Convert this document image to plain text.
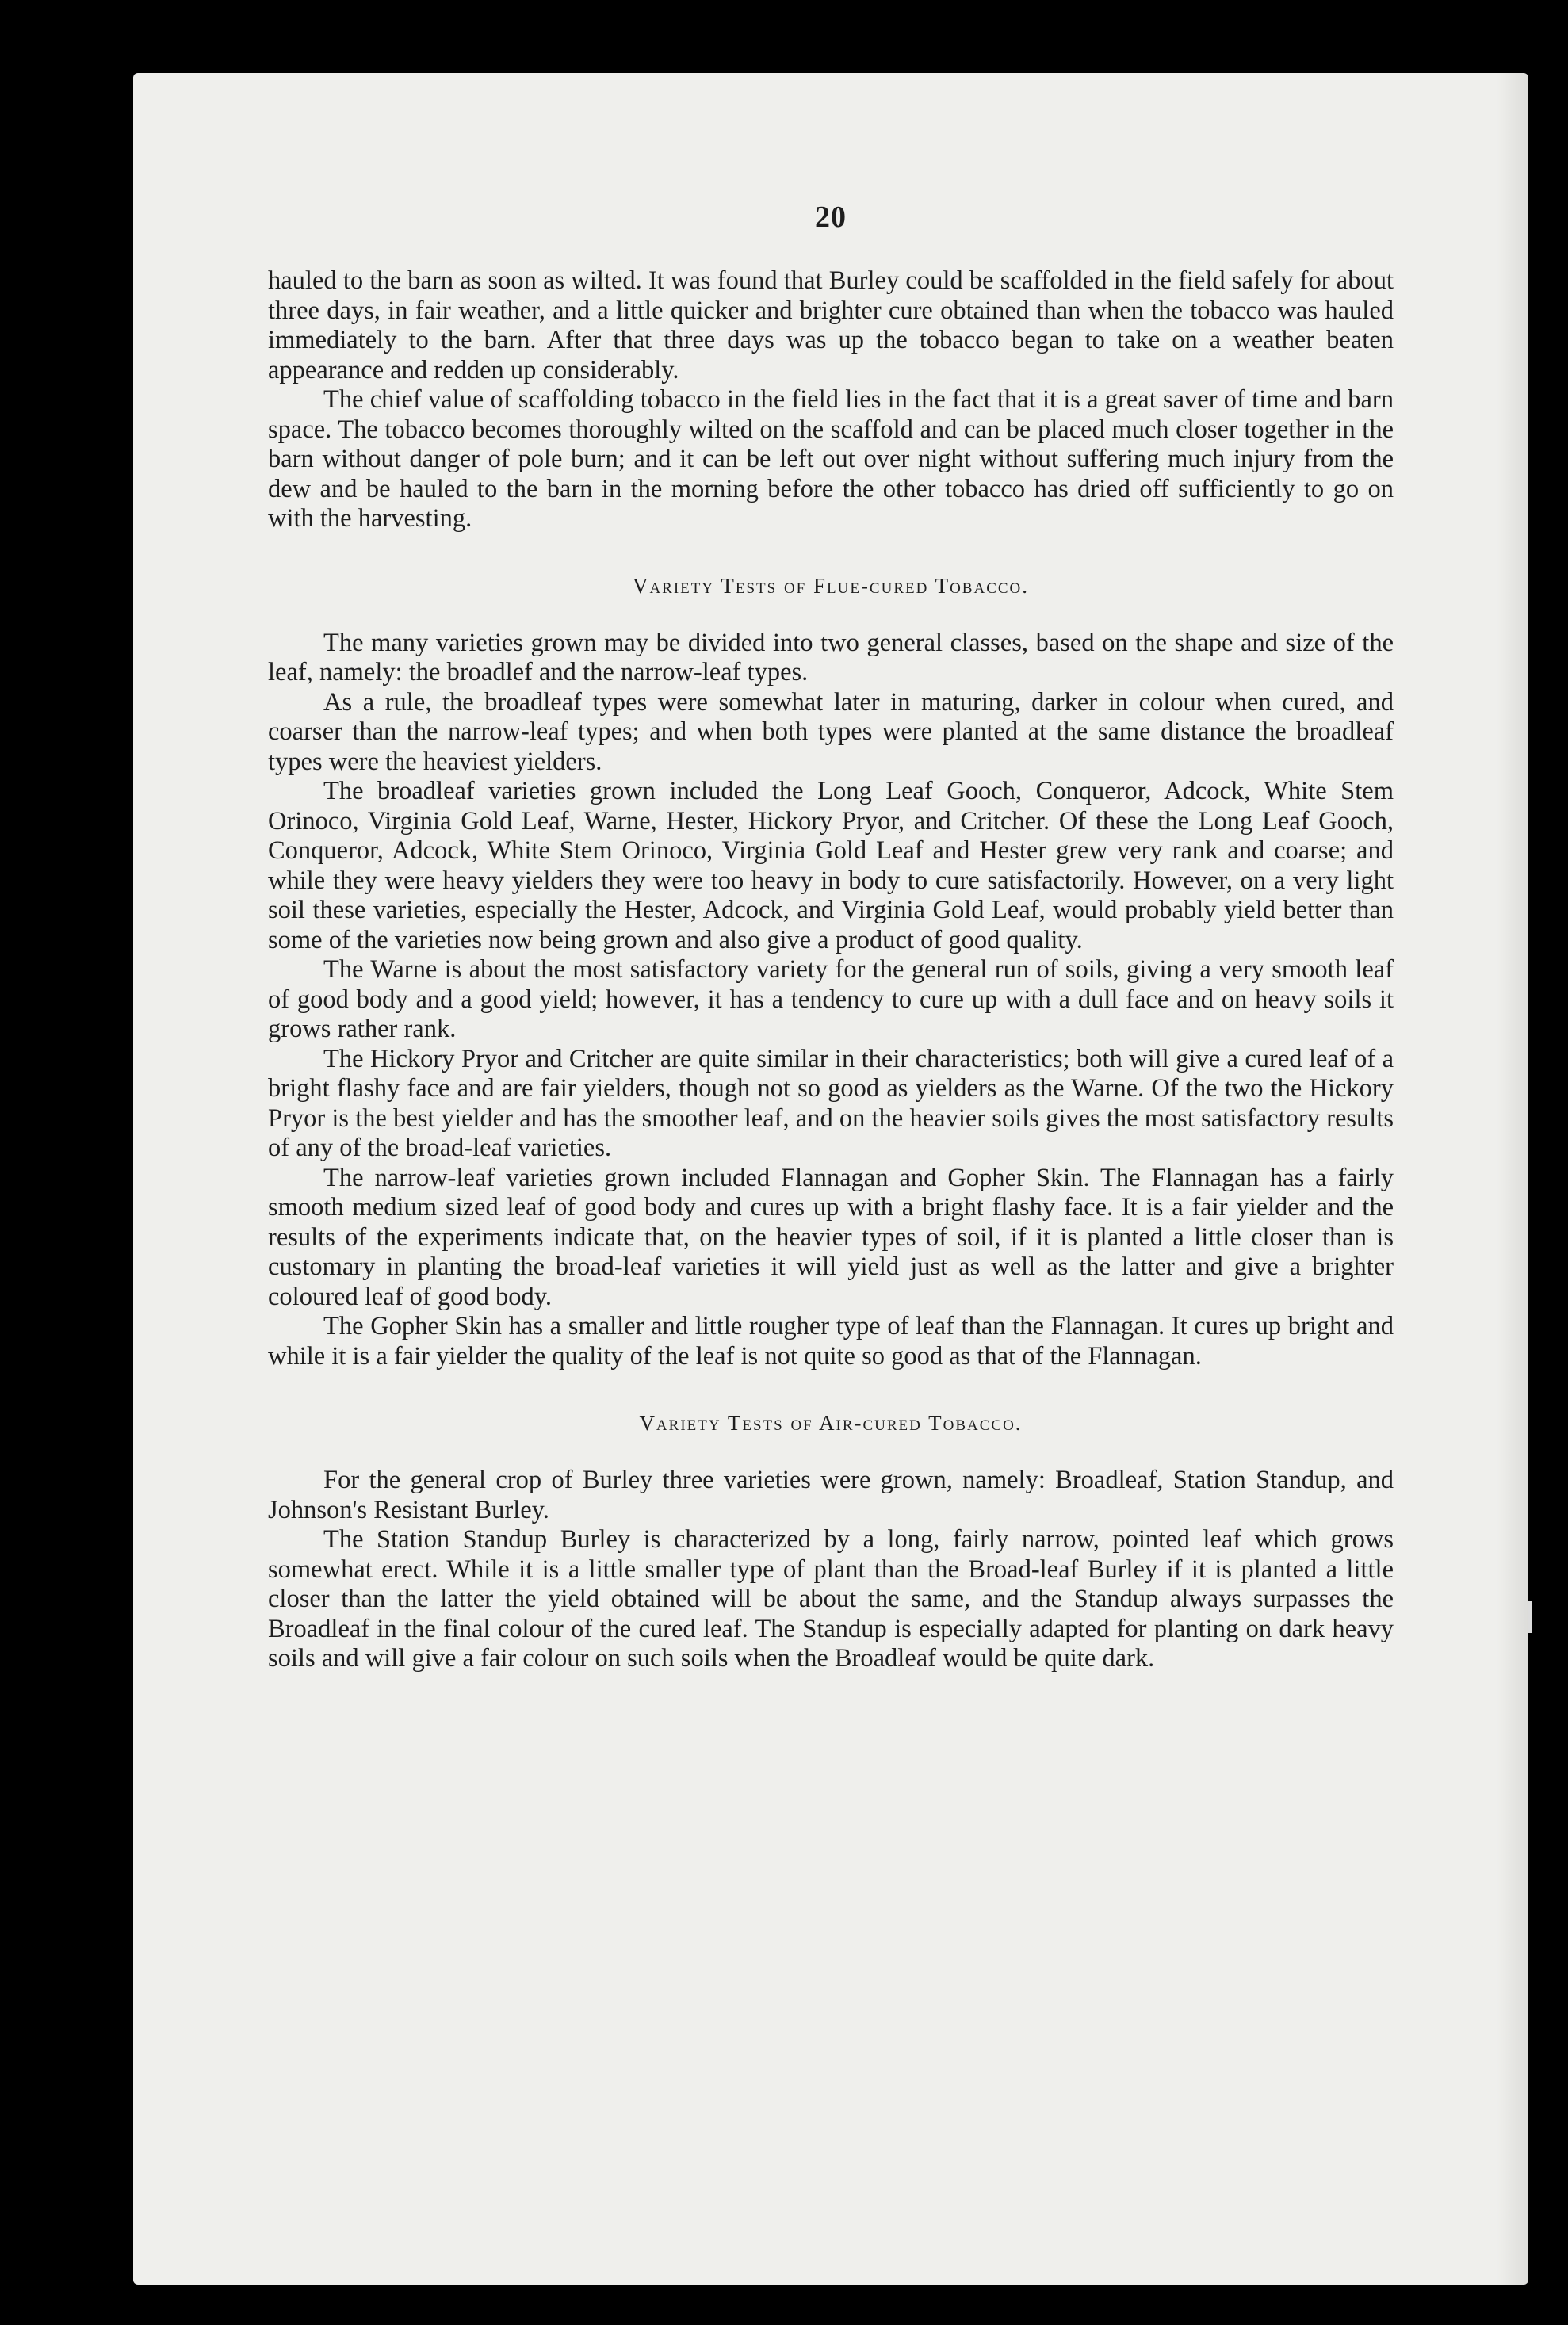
20

hauled to the barn as soon as wilted. It was found that Burley could be scaffolded in the field safely for about three days, in fair weather, and a little quicker and brighter cure obtained than when the tobacco was hauled immediately to the barn. After that three days was up the tobacco began to take on a weather beaten appearance and redden up considerably.

The chief value of scaffolding tobacco in the field lies in the fact that it is a great saver of time and barn space. The tobacco becomes thoroughly wilted on the scaffold and can be placed much closer together in the barn without danger of pole burn; and it can be left out over night without suffering much injury from the dew and be hauled to the barn in the morning before the other tobacco has dried off sufficiently to go on with the harvesting.

Variety Tests of Flue-cured Tobacco.

The many varieties grown may be divided into two general classes, based on the shape and size of the leaf, namely: the broadlef and the narrow-leaf types.

As a rule, the broadleaf types were somewhat later in maturing, darker in colour when cured, and coarser than the narrow-leaf types; and when both types were planted at the same distance the broadleaf types were the heaviest yielders.

The broadleaf varieties grown included the Long Leaf Gooch, Conqueror, Adcock, White Stem Orinoco, Virginia Gold Leaf, Warne, Hester, Hickory Pryor, and Critcher. Of these the Long Leaf Gooch, Conqueror, Adcock, White Stem Orinoco, Virginia Gold Leaf and Hester grew very rank and coarse; and while they were heavy yielders they were too heavy in body to cure satisfactorily. However, on a very light soil these varieties, especially the Hester, Adcock, and Virginia Gold Leaf, would probably yield better than some of the varieties now being grown and also give a product of good quality.

The Warne is about the most satisfactory variety for the general run of soils, giving a very smooth leaf of good body and a good yield; however, it has a tendency to cure up with a dull face and on heavy soils it grows rather rank.

The Hickory Pryor and Critcher are quite similar in their characteristics; both will give a cured leaf of a bright flashy face and are fair yielders, though not so good as yielders as the Warne. Of the two the Hickory Pryor is the best yielder and has the smoother leaf, and on the heavier soils gives the most satisfactory results of any of the broad-leaf varieties.

The narrow-leaf varieties grown included Flannagan and Gopher Skin. The Flannagan has a fairly smooth medium sized leaf of good body and cures up with a bright flashy face. It is a fair yielder and the results of the experiments indicate that, on the heavier types of soil, if it is planted a little closer than is customary in planting the broad-leaf varieties it will yield just as well as the latter and give a brighter coloured leaf of good body.

The Gopher Skin has a smaller and little rougher type of leaf than the Flannagan. It cures up bright and while it is a fair yielder the quality of the leaf is not quite so good as that of the Flannagan.

Variety Tests of Air-cured Tobacco.

For the general crop of Burley three varieties were grown, namely: Broadleaf, Station Standup, and Johnson's Resistant Burley.

The Station Standup Burley is characterized by a long, fairly narrow, pointed leaf which grows somewhat erect. While it is a little smaller type of plant than the Broad-leaf Burley if it is planted a little closer than the latter the yield obtained will be about the same, and the Standup always surpasses the Broadleaf in the final colour of the cured leaf. The Standup is especially adapted for planting on dark heavy soils and will give a fair colour on such soils when the Broadleaf would be quite dark.
